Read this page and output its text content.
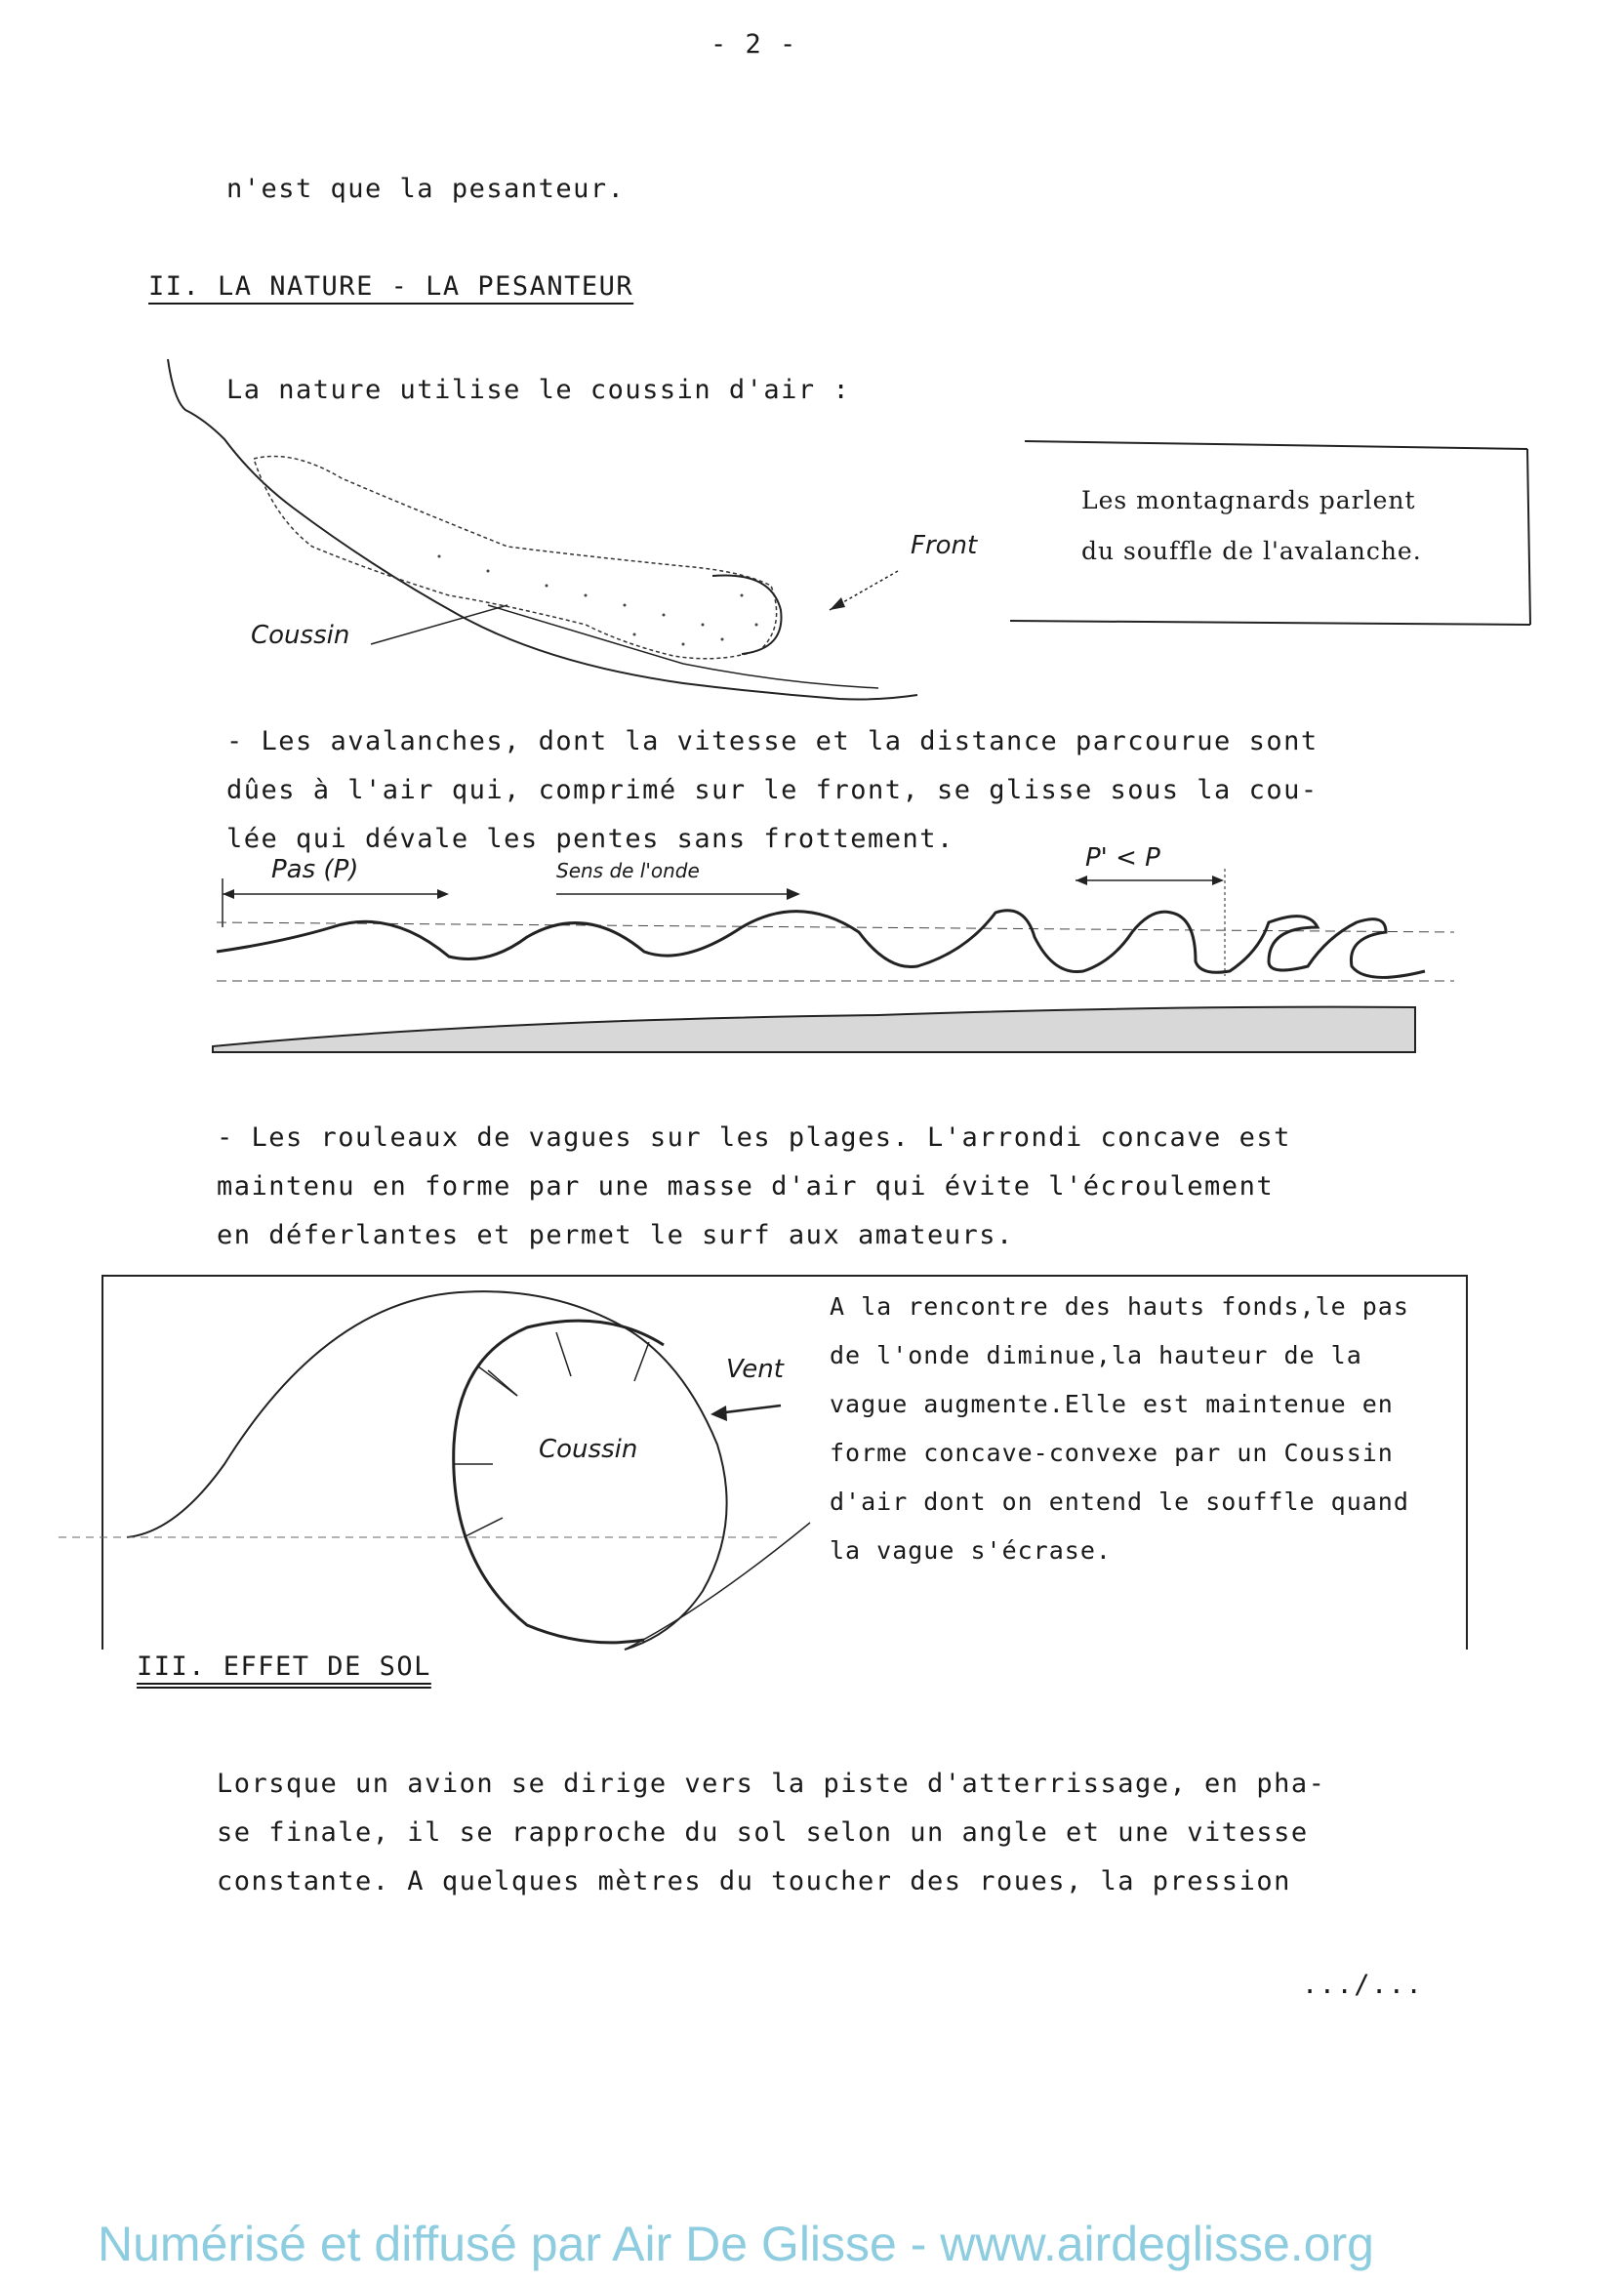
- 2 -
n'est que la pesanteur.
II. LA NATURE - LA PESANTEUR
La nature utilise le coussin d'air :
Front
Coussin
Les montagnards parlent
du souffle de l'avalanche.
- Les avalanches, dont la vitesse et la distance parcourue sont
dûes à l'air qui, comprimé sur le front, se glisse sous la cou-
lée qui dévale les pentes sans frottement.
Pas (P)	Sens de l'onde	P' < P
- Les rouleaux de vagues sur les plages. L'arrondi concave est
maintenu en forme par une masse d'air qui évite l'écroulement
en déferlantes et permet le surf aux amateurs.
Vent
Coussin
A la rencontre des hauts fonds,le pas
de l'onde diminue,la hauteur de la
vague augmente.Elle est maintenue en
forme concave-convexe par un Coussin
d'air dont on entend le souffle quand
la vague s'écrase.
III. EFFET DE SOL
Lorsque un avion se dirige vers la piste d'atterrissage, en pha-
se finale, il se rapproche du sol selon un angle et une vitesse
constante. A quelques mètres du toucher des roues, la pression
.../...
Numérisé et diffusé par Air De Glisse - www.airdeglisse.org
